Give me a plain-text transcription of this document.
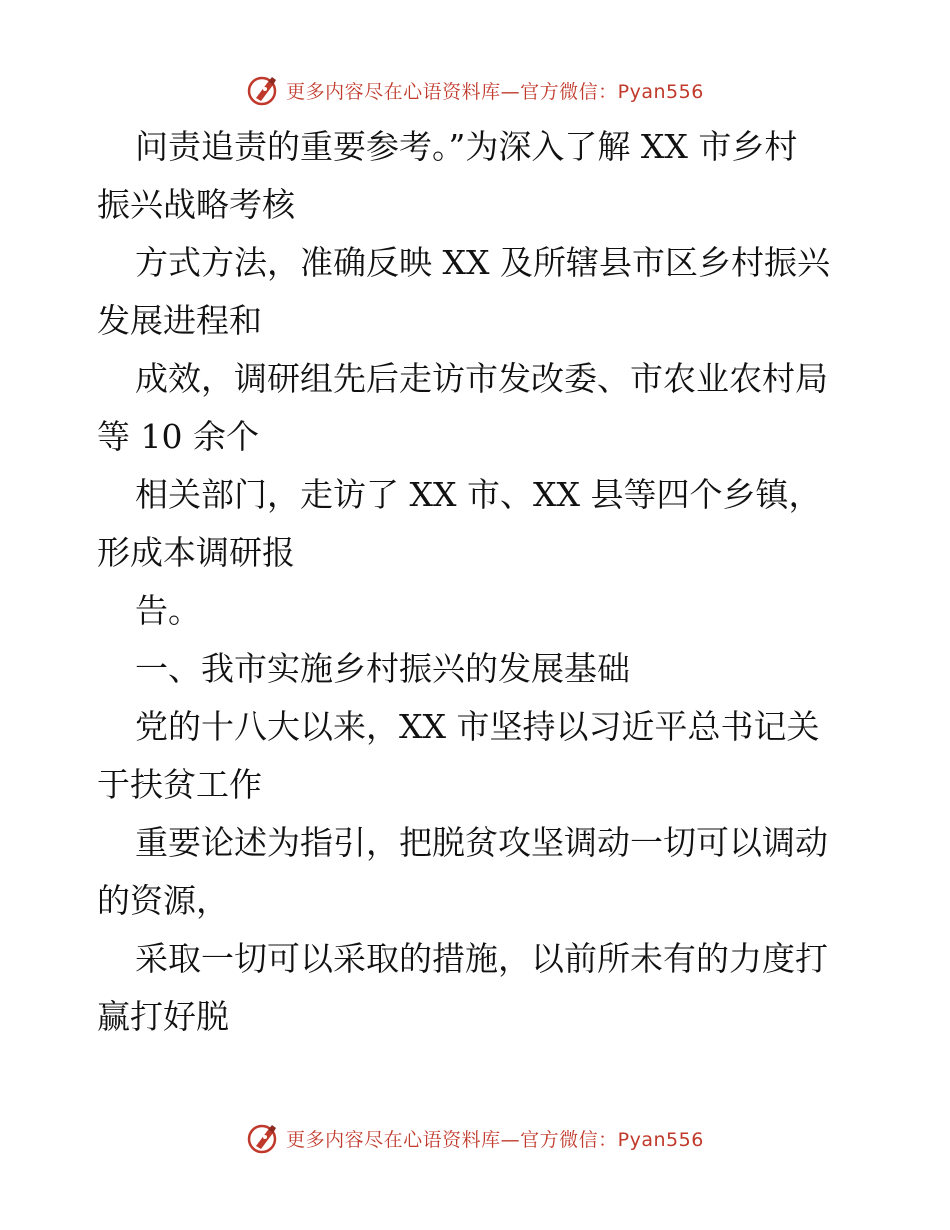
更多内容尽在心语资料库—官方微信：Pyan556
问责追责的重要参考。”为深入了解 XX 市乡村
振兴战略考核
方式方法，准确反映 XX 及所辖县市区乡村振兴
发展进程和
成效，调研组先后走访市发改委、市农业农村局
等 10 余个
相关部门，走访了 XX 市、XX 县等四个乡镇，
形成本调研报
告。
一、我市实施乡村振兴的发展基础
党的十八大以来，XX 市坚持以习近平总书记关
于扶贫工作
重要论述为指引，把脱贫攻坚调动一切可以调动
的资源，
采取一切可以采取的措施，以前所未有的力度打
赢打好脱
更多内容尽在心语资料库—官方微信：Pyan556
